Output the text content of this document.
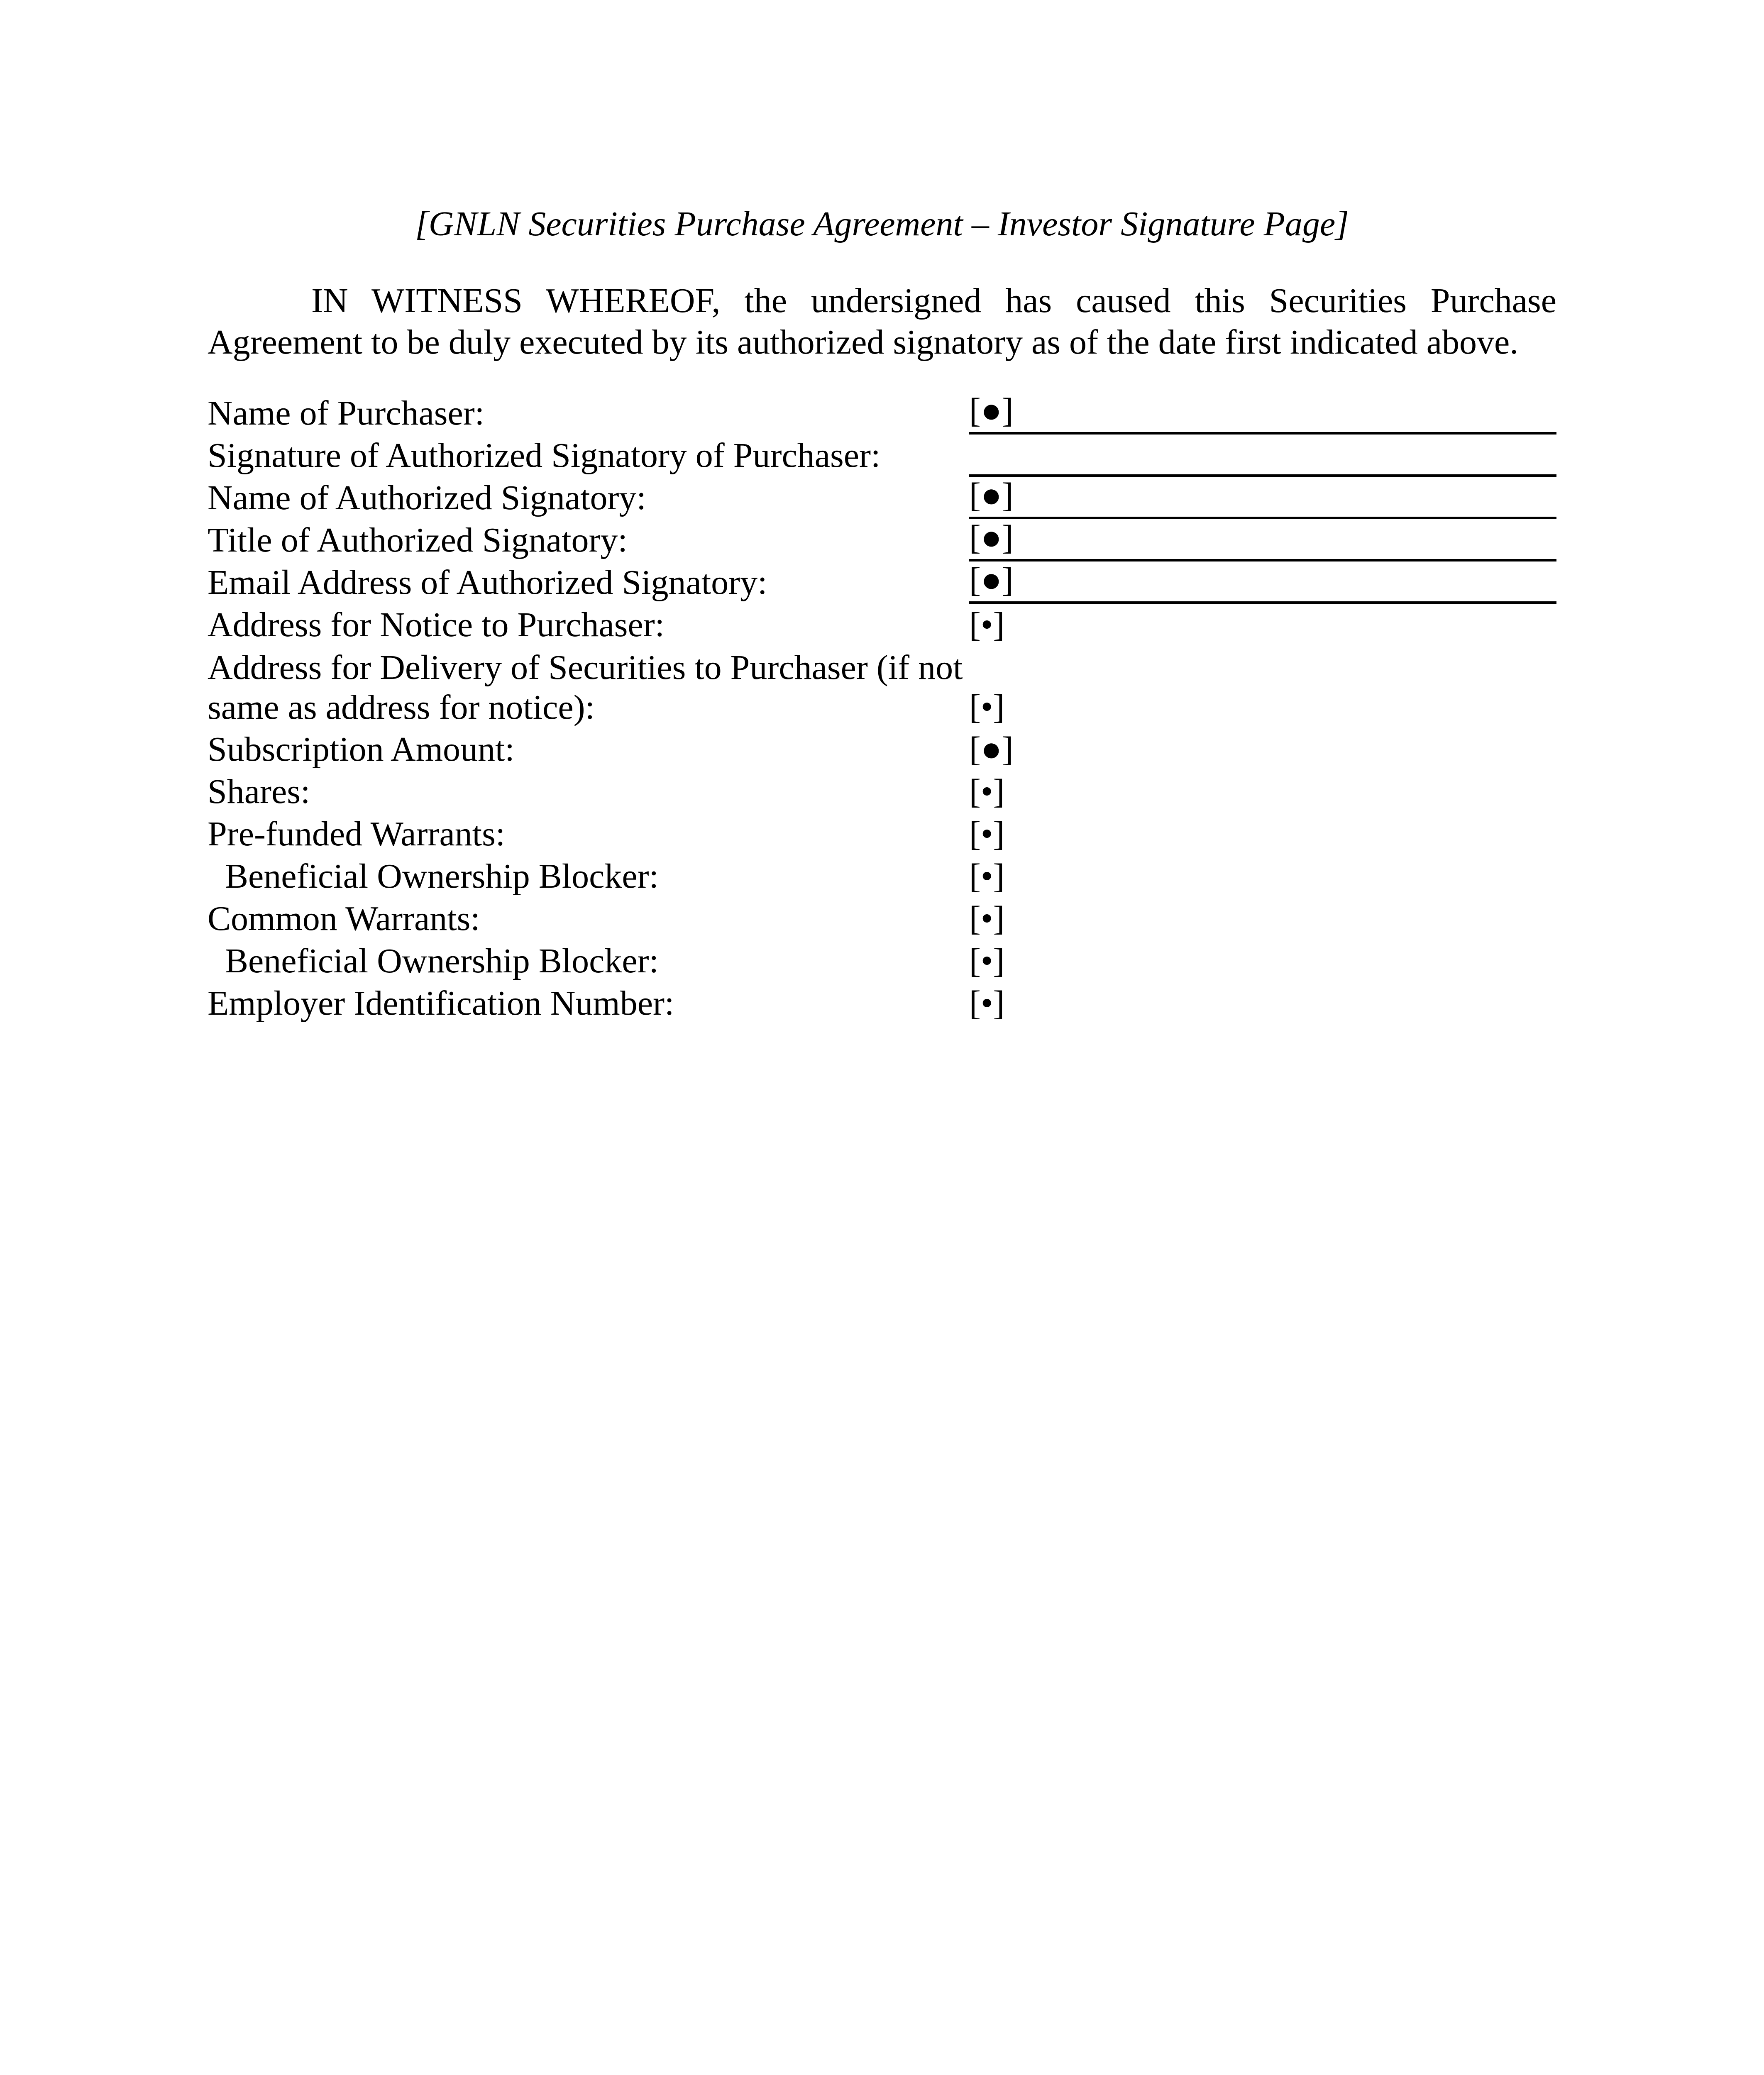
[GNLN Securities Purchase Agreement – Investor Signature Page]
IN WITNESS WHEREOF, the undersigned has caused this Securities Purchase Agreement to be duly executed by its authorized signatory as of the date first indicated above.
Name of Purchaser:	[●]
Signature of Authorized Signatory of Purchaser:
Name of Authorized Signatory:	[●]
Title of Authorized Signatory:	[●]
Email Address of Authorized Signatory:	[●]
Address for Notice to Purchaser:	[•]
Address for Delivery of Securities to Purchaser (if not same as address for notice):	[•]
Subscription Amount:	[●]
Shares:	[•]
Pre-funded Warrants:	[•]
Beneficial Ownership Blocker:	[•]
Common Warrants:	[•]
Beneficial Ownership Blocker:	[•]
Employer Identification Number:	[•]
